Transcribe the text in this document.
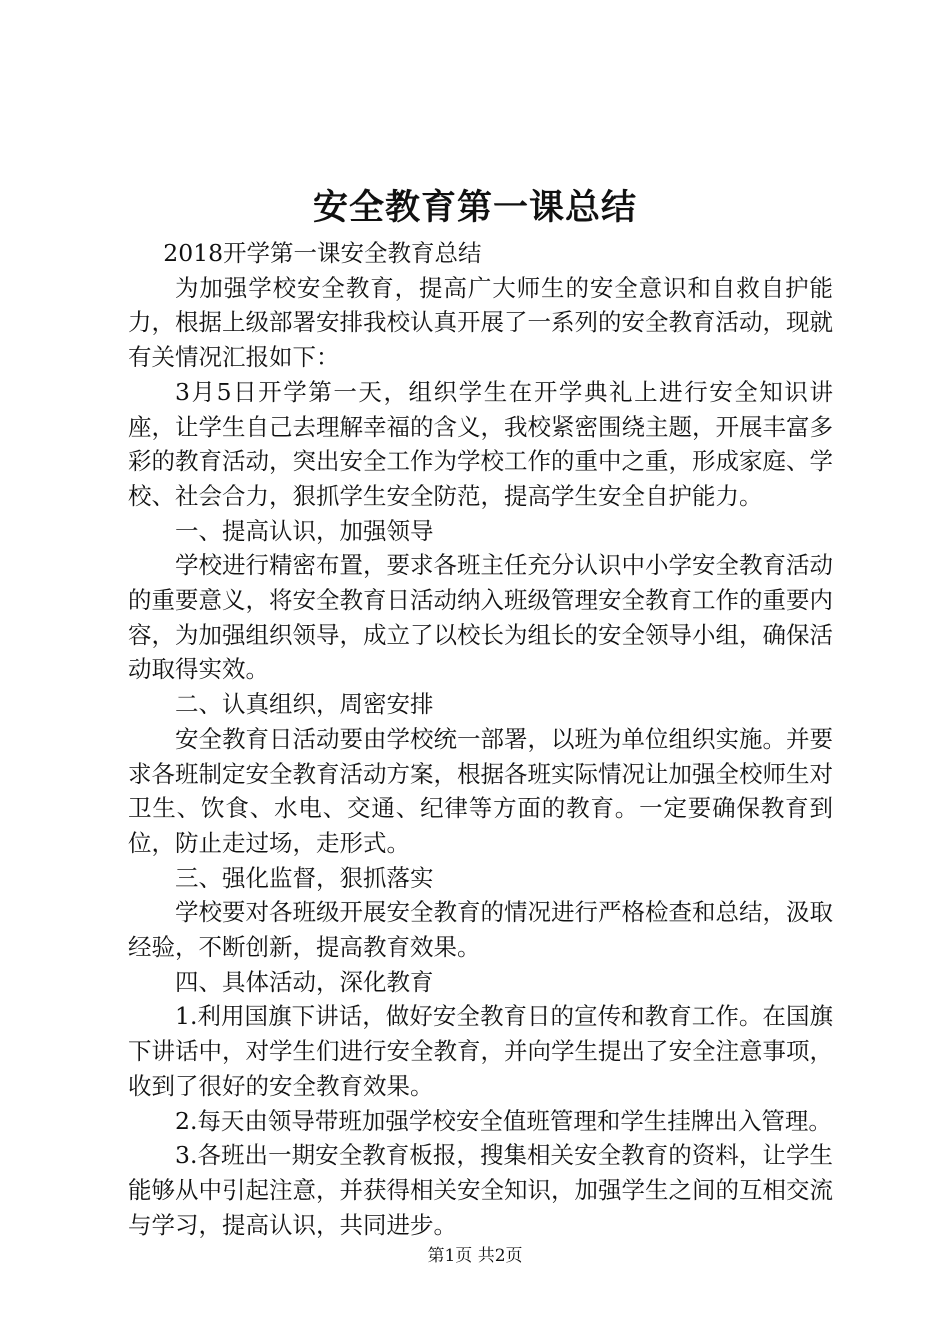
安全教育第一课总结

2018开学第一课安全教育总结

为加强学校安全教育，提高广大师生的安全意识和自救自护能力，根据上级部署安排我校认真开展了一系列的安全教育活动，现就有关情况汇报如下：

3月5日开学第一天，组织学生在开学典礼上进行安全知识讲座，让学生自己去理解幸福的含义，我校紧密围绕主题，开展丰富多彩的教育活动，突出安全工作为学校工作的重中之重，形成家庭、学校、社会合力，狠抓学生安全防范，提高学生安全自护能力。

一、提高认识，加强领导

学校进行精密布置，要求各班主任充分认识中小学安全教育活动的重要意义，将安全教育日活动纳入班级管理安全教育工作的重要内容，为加强组织领导，成立了以校长为组长的安全领导小组，确保活动取得实效。

二、认真组织，周密安排

安全教育日活动要由学校统一部署，以班为单位组织实施。并要求各班制定安全教育活动方案，根据各班实际情况让加强全校师生对卫生、饮食、水电、交通、纪律等方面的教育。一定要确保教育到位，防止走过场，走形式。

三、强化监督，狠抓落实

学校要对各班级开展安全教育的情况进行严格检查和总结，汲取经验，不断创新，提高教育效果。

四、具体活动，深化教育

1.利用国旗下讲话，做好安全教育日的宣传和教育工作。在国旗下讲话中，对学生们进行安全教育，并向学生提出了安全注意事项，收到了很好的安全教育效果。

2.每天由领导带班加强学校安全值班管理和学生挂牌出入管理。

3.各班出一期安全教育板报，搜集相关安全教育的资料，让学生能够从中引起注意，并获得相关安全知识，加强学生之间的互相交流与学习，提高认识，共同进步。

第1页 共2页
